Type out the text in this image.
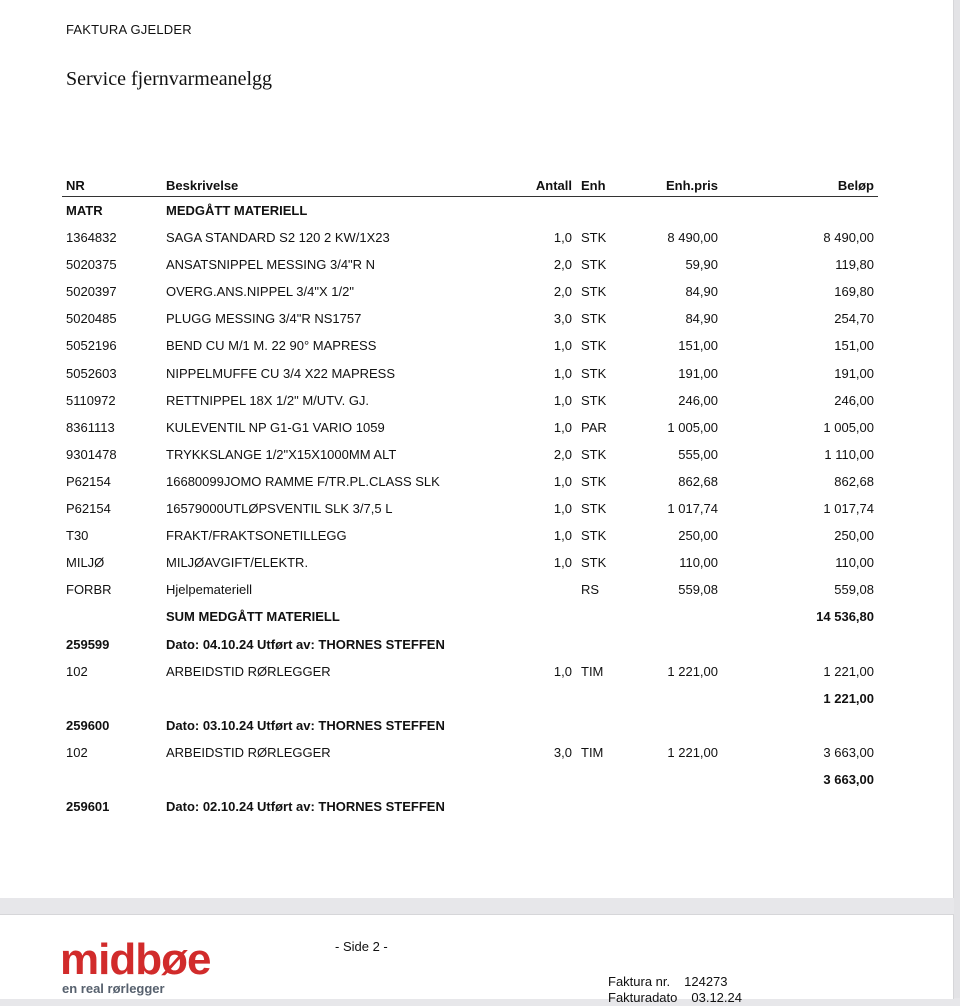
FAKTURA GJELDER
Service fjernvarmeanelgg
NR	Beskrivelse	Antall Enh	Enh.pris	Beløp
MATR	MEDGÅTT MATERIELL
1364832	SAGA STANDARD S2 120 2 KW/1X23	1,0 STK	8 490,00	8 490,00
5020375	ANSATSNIPPEL MESSING 3/4"R N	2,0 STK	59,90	119,80
5020397	OVERG.ANS.NIPPEL 3/4"X 1/2"	2,0 STK	84,90	169,80
5020485	PLUGG MESSING 3/4"R NS1757	3,0 STK	84,90	254,70
5052196	BEND CU M/1 M. 22 90° MAPRESS	1,0 STK	151,00	151,00
5052603	NIPPELMUFFE CU 3/4 X22 MAPRESS	1,0 STK	191,00	191,00
5110972	RETTNIPPEL 18X 1/2" M/UTV. GJ.	1,0 STK	246,00	246,00
8361113	KULEVENTIL NP G1-G1 VARIO 1059	1,0 PAR	1 005,00	1 005,00
9301478	TRYKKSLANGE 1/2"X15X1000MM ALT	2,0 STK	555,00	1 110,00
P62154	16680099JOMO RAMME F/TR.PL.CLASS SLK	1,0 STK	862,68	862,68
P62154	16579000UTLØPSVENTIL SLK 3/7,5 L	1,0 STK	1 017,74	1 017,74
T30	FRAKT/FRAKTSONETILLEGG	1,0 STK	250,00	250,00
MILJØ	MILJØAVGIFT/ELEKTR.	1,0 STK	110,00	110,00
FORBR	Hjelpemateriell	RS	559,08	559,08
SUM MEDGÅTT MATERIELL	14 536,80
259599	Dato: 04.10.24 Utført av: THORNES STEFFEN
102	ARBEIDSTID RØRLEGGER	1,0 TIM	1 221,00	1 221,00
1 221,00
259600	Dato: 03.10.24 Utført av: THORNES STEFFEN
102	ARBEIDSTID RØRLEGGER	3,0 TIM	1 221,00	3 663,00
3 663,00
259601	Dato: 02.10.24 Utført av: THORNES STEFFEN
- Side 2 -
midbøe
en real rørlegger	Faktura nr. 124273
Fakturadato 03.12.24
